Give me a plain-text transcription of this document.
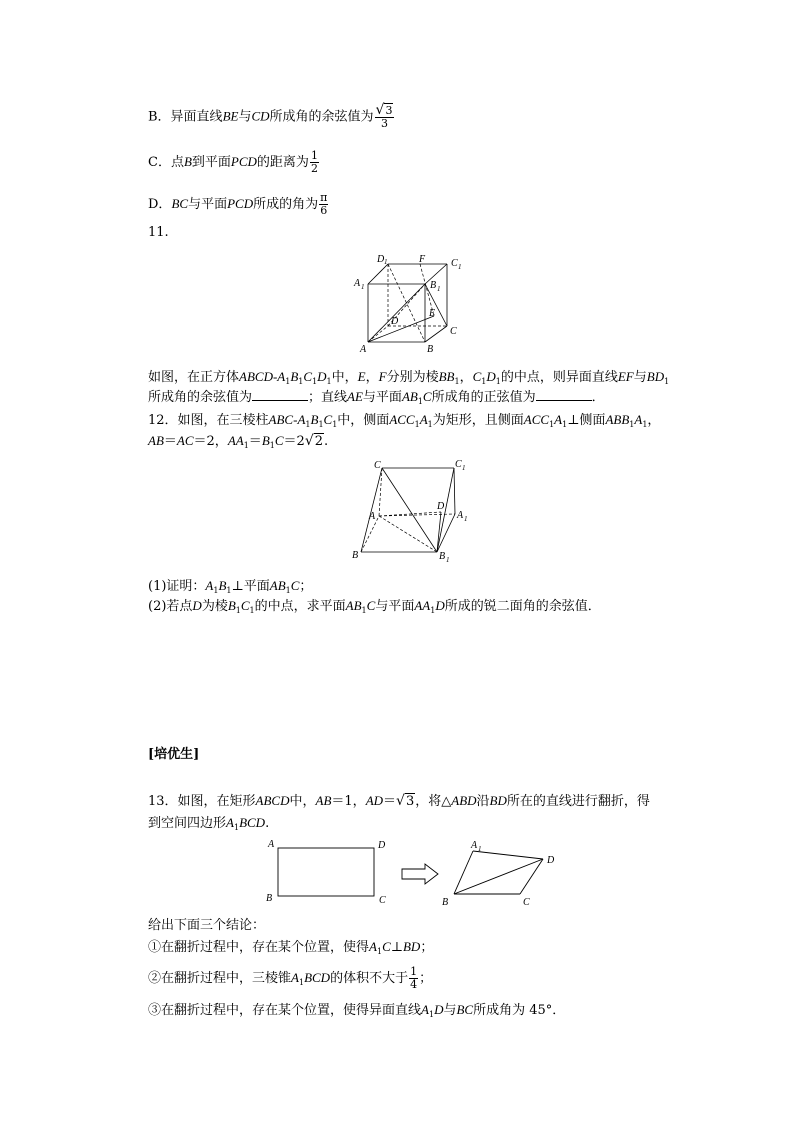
B．异面直线BE与CD所成角的余弦值为 $\frac{√3}{3}$
C．点B到平面PCD的距离为 $\frac{1}{2}$
D．BC与平面PCD所成的角为 $\frac{\pi}{6}$
11.
D 1	F	C 1
A 1	B 1
D
E
C
A	B
如图，在正方体ABCD-$A_1B_1C_1D_1$中，E，F分别为棱$BB_1$，$C_1D_1$的中点，则异面直线EF与$BD_1$
所成角的余弦值为	；直线AE与平面$AB_1C$所成角的正弦值为	．
12．如图，在三棱柱ABC-$A_1B_1C_1$中，侧面$ACC_1A_1$为矩形，且侧面$ACC_1A_1\perp$侧面$ABB_1A_1$，
AB＝AC＝2，$AA_1=B_1C=2√2$.
C	C 1
A
D
A 1
B	B 1
(1)证明：$A_1B_1\perp$平面$AB_1C$；
(2)若点D为棱$B_1C_1$的中点，求平面$AB_1C$与平面$AA_1D$所成的锐二面角的余弦值．
[培优生]
13．如图，在矩形ABCD中，AB＝1，AD＝√3，将△ABD沿BD所在的直线进行翻折，得
到空间四边形$A_1BCD$.
A	D
B	C
A 1
D
B	C
给出下面三个结论：
①在翻折过程中，存在某个位置，使得$A_1C\perp BD$；
②在翻折过程中，三棱锥$A_1BCD$的体积不大于 $\frac{1}{4}$ ；
③在翻折过程中，存在某个位置，使得异面直线$A_1D$与BC所成角为 45°．
